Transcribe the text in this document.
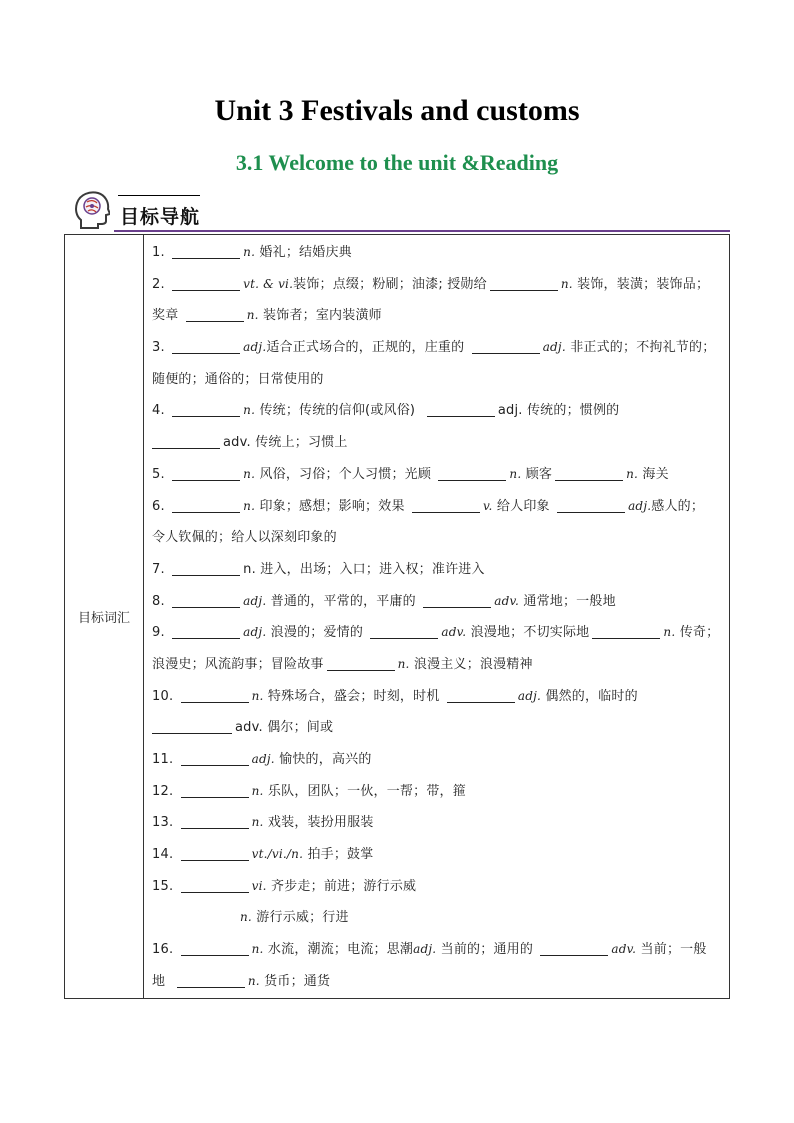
Unit 3 Festivals and customs
3.1 Welcome to the unit &Reading
目标导航
目标词汇	
1.	n. 婚礼；结婚庆典
2.	vt. & vi.装饰；点缀；粉刷；油漆; 授勋给	n. 装饰，装潢；装饰品；
奖章	n. 装饰者；室内装潢师
3.	adj.适合正式场合的，正规的，庄重的	adj. 非正式的；不拘礼节的；
随便的；通俗的；日常使用的
4.	n. 传统；传统的信仰(或风俗)	adj. 传统的；惯例的
adv. 传统上；习惯上
5.	n. 风俗，习俗；个人习惯；光顾	n. 顾客	n. 海关
6.	n. 印象；感想；影响；效果	v. 给人印象	adj.感人的；
令人钦佩的；给人以深刻印象的
7.	n. 进入，出场；入口；进入权；准许进入
8.	adj. 普通的，平常的，平庸的	adv. 通常地；一般地
9.	adj. 浪漫的；爱情的	adv. 浪漫地；不切实际地	n. 传奇；
浪漫史；风流韵事；冒险故事	n. 浪漫主义；浪漫精神
10.	n. 特殊场合，盛会；时刻，时机	adj. 偶然的，临时的
adv. 偶尔；间或
11.	adj. 愉快的，高兴的
12.	n. 乐队，团队；一伙，一帮；带，箍
13.	n. 戏装，装扮用服装
14.	vt./vi./n. 拍手；鼓掌
15.	vi. 齐步走；前进；游行示威
n. 游行示威；行进
16.	n. 水流，潮流；电流；思潮adj. 当前的；通用的	adv. 当前；一般
地	n. 货币；通货
